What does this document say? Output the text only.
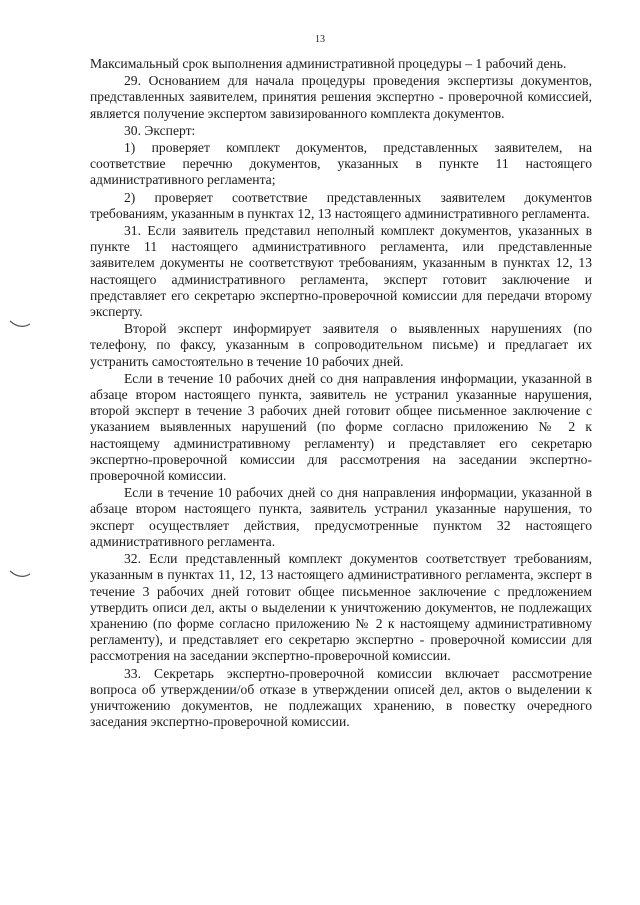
13

Максимальный срок выполнения административной процедуры – 1 рабочий день.

29. Основанием для начала процедуры проведения экспертизы документов, представленных заявителем, принятия решения экспертно - проверочной комиссией, является получение экспертом завизированного комплекта документов.

30. Эксперт:

1) проверяет комплект документов, представленных заявителем, на соответствие перечню документов, указанных в пункте 11 настоящего административного регламента;

2) проверяет соответствие представленных заявителем документов требованиям, указанным в пунктах 12, 13 настоящего административного регламента.

31. Если заявитель представил неполный комплект документов, указанных в пункте 11 настоящего административного регламента, или представленные заявителем документы не соответствуют требованиям, указанным в пунктах 12, 13 настоящего административного регламента, эксперт готовит заключение и представляет его секретарю экспертно-проверочной комиссии для передачи второму эксперту.

Второй эксперт информирует заявителя о выявленных нарушениях (по телефону, по факсу, указанным в сопроводительном письме) и предлагает их устранить самостоятельно в течение 10 рабочих дней.

Если в течение 10 рабочих дней со дня направления информации, указанной в абзаце втором настоящего пункта, заявитель не устранил указанные нарушения, второй эксперт в течение 3 рабочих дней готовит общее письменное заключение с указанием выявленных нарушений (по форме согласно приложению № 2 к настоящему административному регламенту) и представляет его секретарю экспертно-проверочной комиссии для рассмотрения на заседании экспертно-проверочной комиссии.

Если в течение 10 рабочих дней со дня направления информации, указанной в абзаце втором настоящего пункта, заявитель устранил указанные нарушения, то эксперт осуществляет действия, предусмотренные пунктом 32 настоящего административного регламента.

32. Если представленный комплект документов соответствует требованиям, указанным в пунктах 11, 12, 13 настоящего административного регламента, эксперт в течение 3 рабочих дней готовит общее письменное заключение с предложением утвердить описи дел, акты о выделении к уничтожению документов, не подлежащих хранению (по форме согласно приложению № 2 к настоящему административному регламенту), и представляет его секретарю экспертно - проверочной комиссии для рассмотрения на заседании экспертно-проверочной комиссии.

33. Секретарь экспертно-проверочной комиссии включает рассмотрение вопроса об утверждении/об отказе в утверждении описей дел, актов о выделении к уничтожению документов, не подлежащих хранению, в повестку очередного заседания экспертно-проверочной комиссии.
